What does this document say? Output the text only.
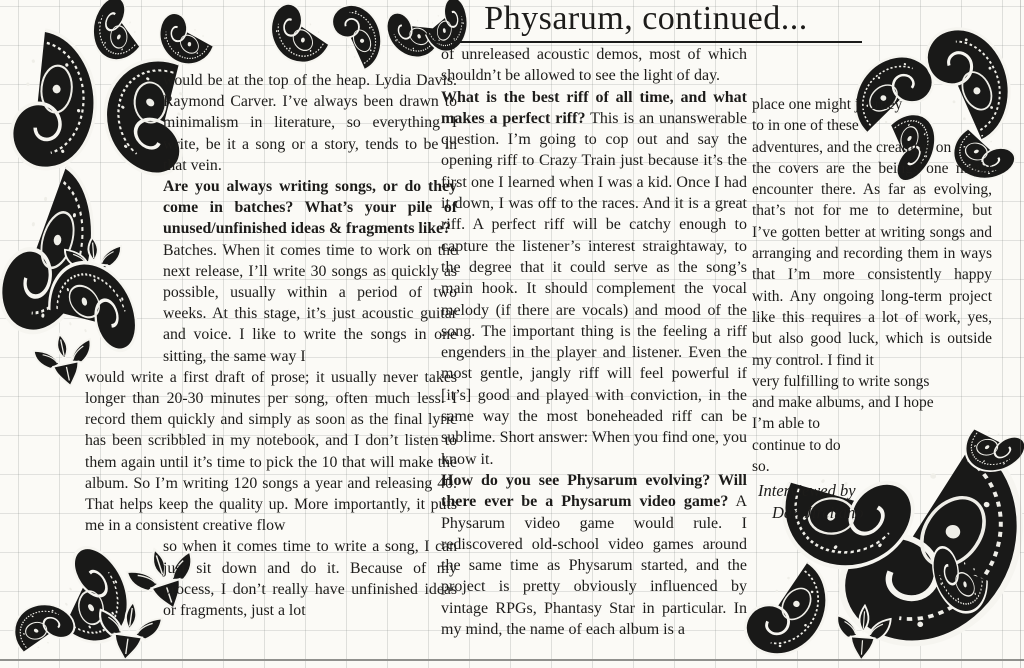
Physarum, continued...

would be at the top of the heap. Lydia Davis. Raymond Carver. I’ve always been drawn to minimalism in literature, so everything I write, be it a song or a story, tends to be in that vein.

Are you always writing songs, or do they come in batches? What’s your pile of unused/unfinished ideas & fragments like?

Batches. When it comes time to work on the next release, I’ll write 30 songs as quickly as possible, usually within a period of two weeks. At this stage, it’s just acoustic guitar and voice. I like to write the songs in one sitting, the same way I

would write a first draft of prose; it usually never takes longer than 20-30 minutes per song, often much less. I record them quickly and simply as soon as the final lyric has been scribbled in my notebook, and I don’t listen to them again until it’s time to pick the 10 that will make the album. So I’m writing 120 songs a year and releasing 40. That helps keep the quality up. More importantly, it puts me in a consistent creative flow

so when it comes time to write a song, I can just sit down and do it. Because of my process, I don’t really have unfinished ideas or fragments, just a lot

of unreleased acoustic demos, most of which shouldn’t be allowed to see the light of day.

What is the best riff of all time, and what makes a perfect riff? This is an unanswerable question. I’m going to cop out and say the opening riff to Crazy Train just because it’s the first one I learned when I was a kid. Once I had it down, I was off to the races. And it is a great riff. A perfect riff will be catchy enough to capture the listener’s interest straightaway, to the degree that it could serve as the song’s main hook. It should complement the vocal melody (if there are vocals) and mood of the song. The important thing is the feeling a riff engenders in the player and listener. Even the most gentle, jangly riff will feel powerful if [it’s] good and played with conviction, in the same way the most boneheaded riff can be sublime. Short answer: When you find one, you know it.

How do you see Physarum evolving? Will there ever be a Physarum video game? A Physarum video game would rule. I rediscovered old-school video games around the same time as Physarum started, and the project is pretty obviously influenced by vintage RPGs, Phantasy Star in particular. In my mind, the name of each album is a

place one might journey
to in one of these
adventures, and the creatures on

the covers are the beings one might encounter there. As far as evolving, that’s not for me to determine, but I’ve gotten better at writing songs and arranging and recording them in ways that I’m more consistently happy with. Any ongoing long-term project like this requires a lot of work, yes, but also good luck, which is outside my control. I find it

very fulfilling to write songs
and make albums, and I hope
I’m able to
continue to do
so.
Interviewed by
Dan Jircitano
